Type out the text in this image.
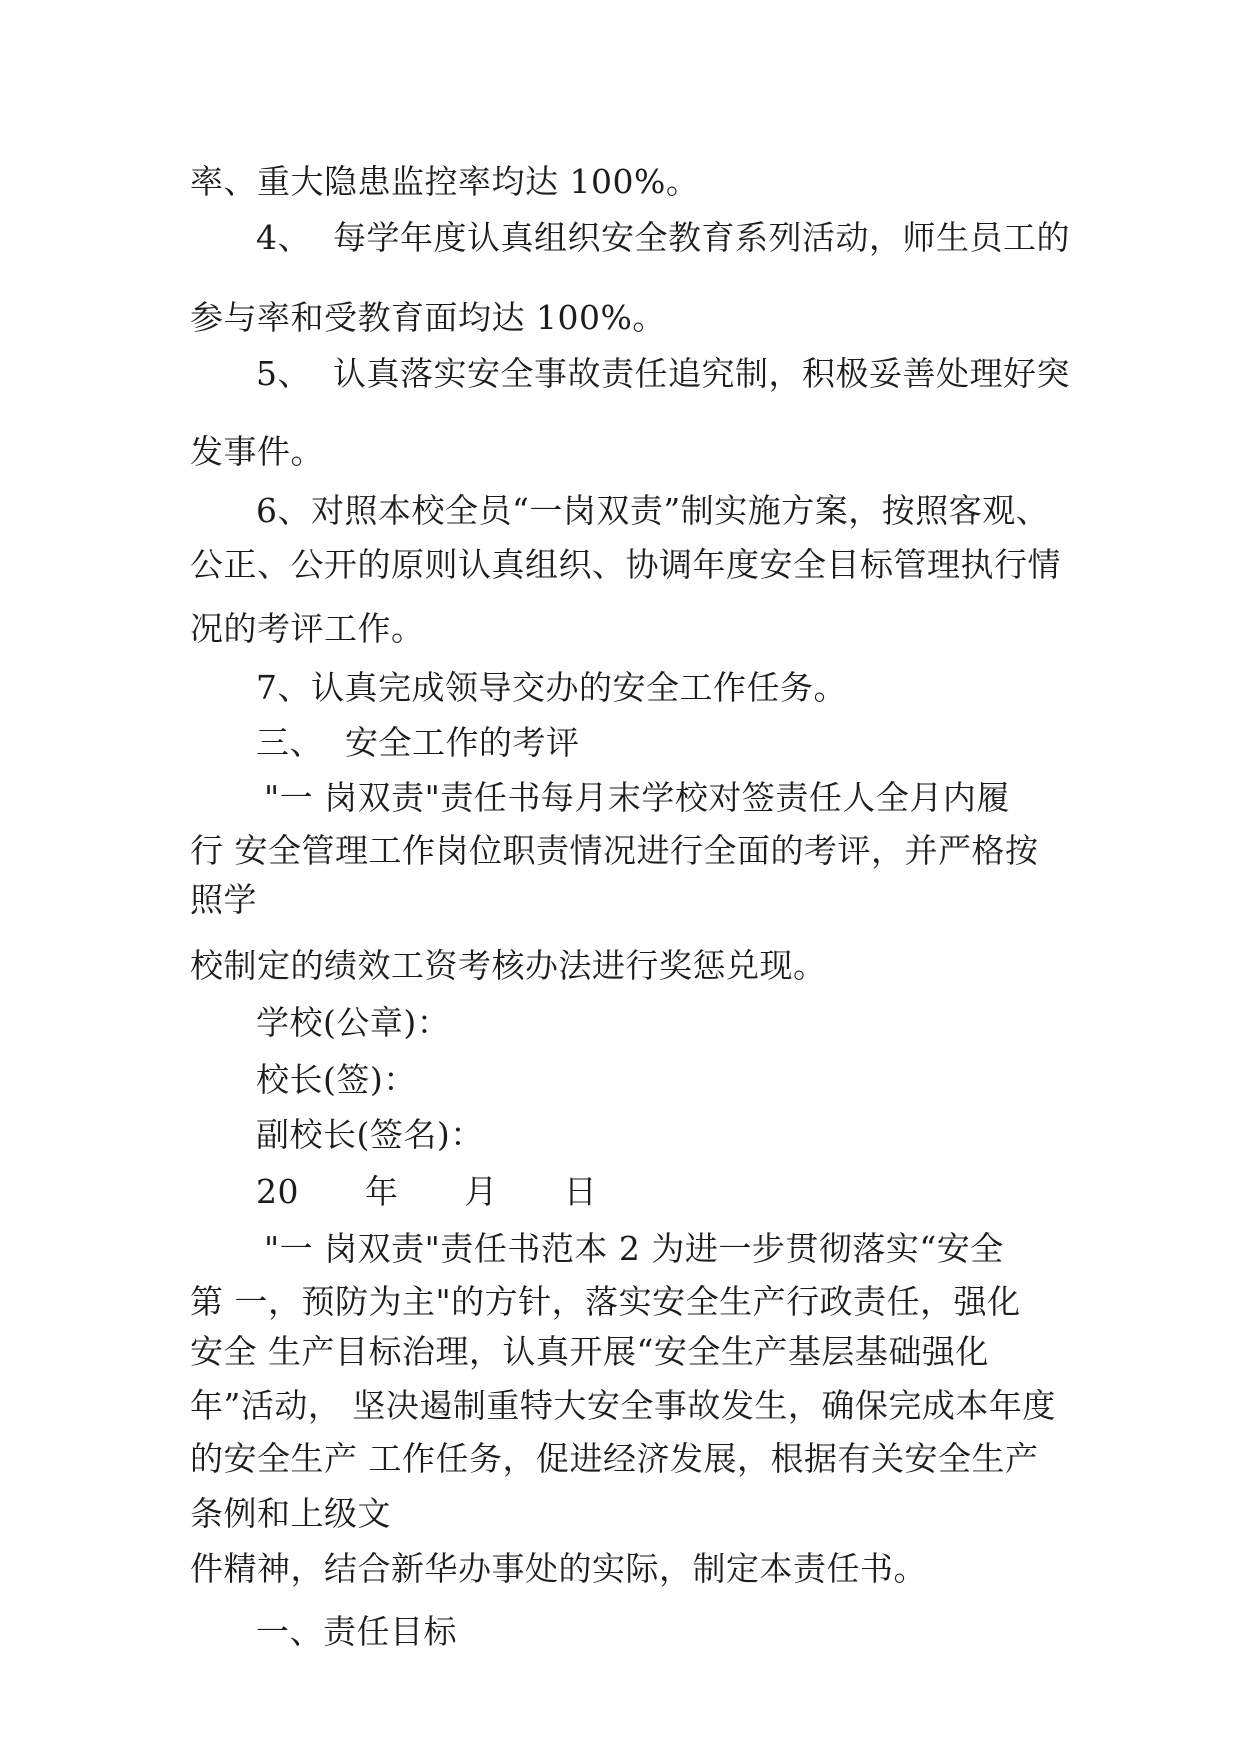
率、重大隐患监控率均达 100%。

4、  每学年度认真组织安全教育系列活动，师生员工的

参与率和受教育面均达 100%。

5、  认真落实安全事故责任追究制，积极妥善处理好突

发事件。

6、对照本校全员“一岗双责”制实施方案，按照客观、

公正、公开的原则认真组织、协调年度安全目标管理执行情

况的考评工作。

7、认真完成领导交办的安全工作任务。

三、  安全工作的考评

"一 岗双责"责任书每月末学校对签责任人全月内履

行 安全管理工作岗位职责情况进行全面的考评，并严格按

照学

校制定的绩效工资考核办法进行奖惩兑现。

学校(公章)：

校长(签)：

副校长(签名)：

20      年      月      日

"一 岗双责"责任书范本 2 为进一步贯彻落实“安全

第 一，预防为主"的方针，落实安全生产行政责任，强化

安全 生产目标治理，认真开展“安全生产基层基础强化

年”活动， 坚决遏制重特大安全事故发生，确保完成本年度

的安全生产 工作任务，促进经济发展，根据有关安全生产

条例和上级文

件精神，结合新华办事处的实际，制定本责任书。

一、责任目标
